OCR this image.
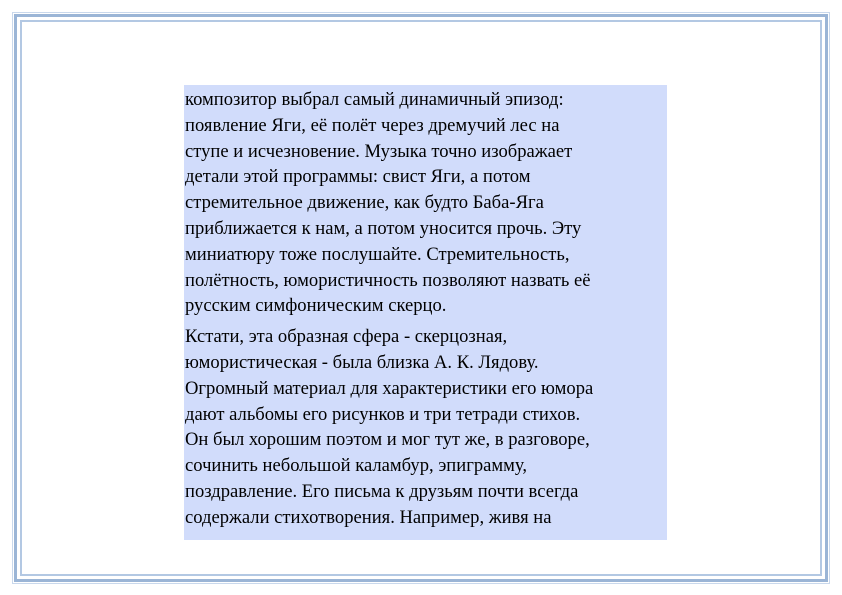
композитор выбрал самый динамичный эпизод:
появление Яги, её полёт через дремучий лес на
ступе и исчезновение. Музыка точно изображает
детали этой программы: свист Яги, а потом
стремительное движение, как будто Баба-Яга
приближается к нам, а потом уносится прочь. Эту
миниатюру тоже послушайте. Стремительность,
полётность, юмористичность позволяют назвать её
русским симфоническим скерцо.

Кстати, эта образная сфера - скерцозная,
юмористическая - была близка А. К. Лядову.
Огромный материал для характеристики его юмора
дают альбомы его рисунков и три тетради стихов.
Он был хорошим поэтом и мог тут же, в разговоре,
сочинить небольшой каламбур, эпиграмму,
поздравление. Его письма к друзьям почти всегда
содержали стихотворения. Например, живя на
